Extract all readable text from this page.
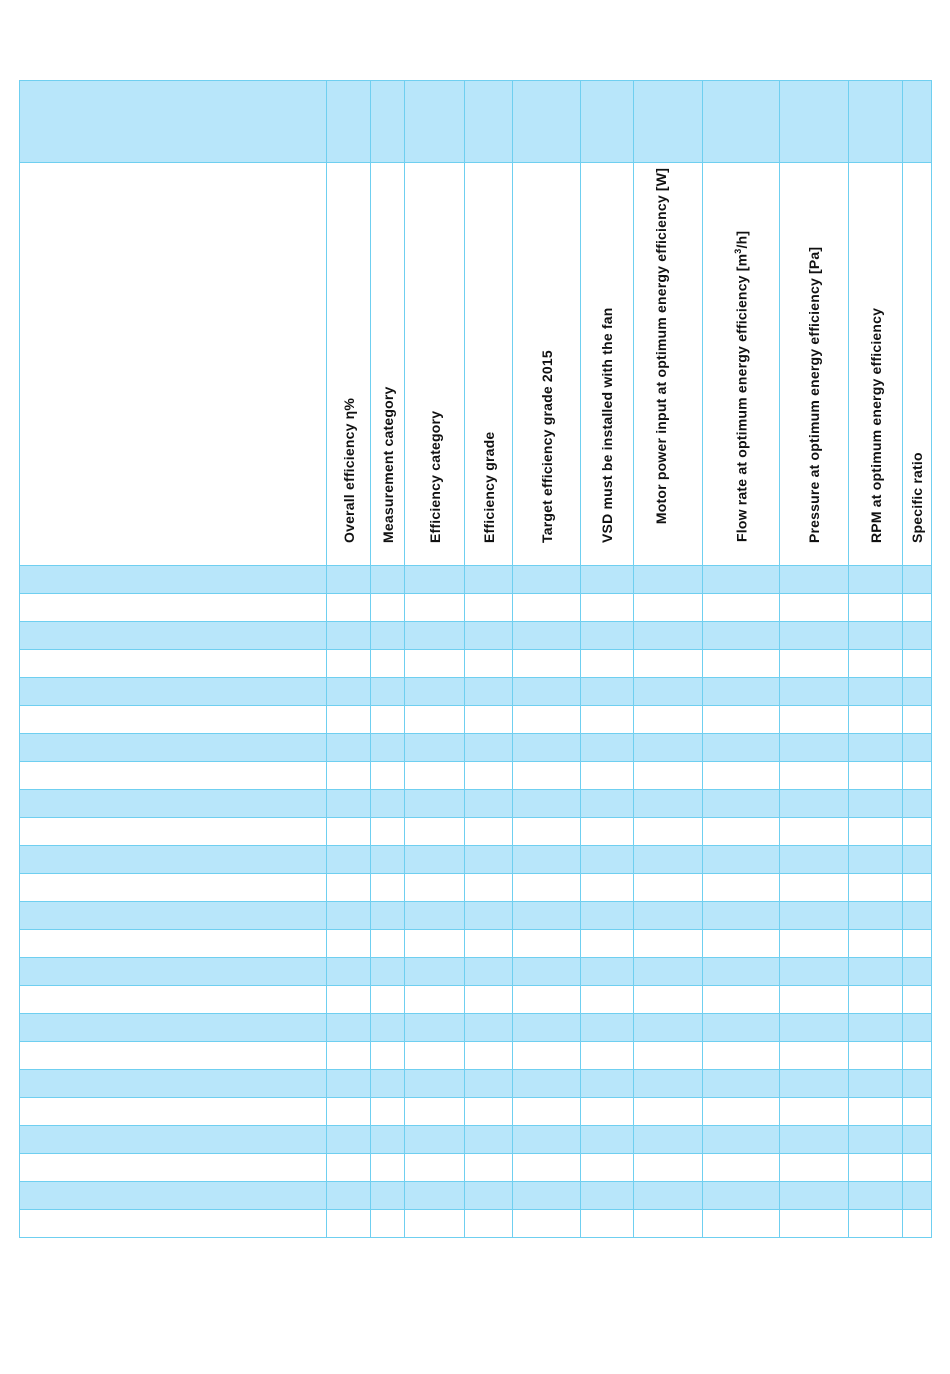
	Overall efficiency η%	Measurement category	Efficiency category	Efficiency grade	Target efficiency grade 2015	VSD must be installed with the fan	Motor power input at optimum energy efficiency [W]	Flow rate at optimum energy efficiency $[m^3/h]$	Pressure at optimum energy efficiency [Pa]	RPM at optimum energy efficiency	Specific ratio
